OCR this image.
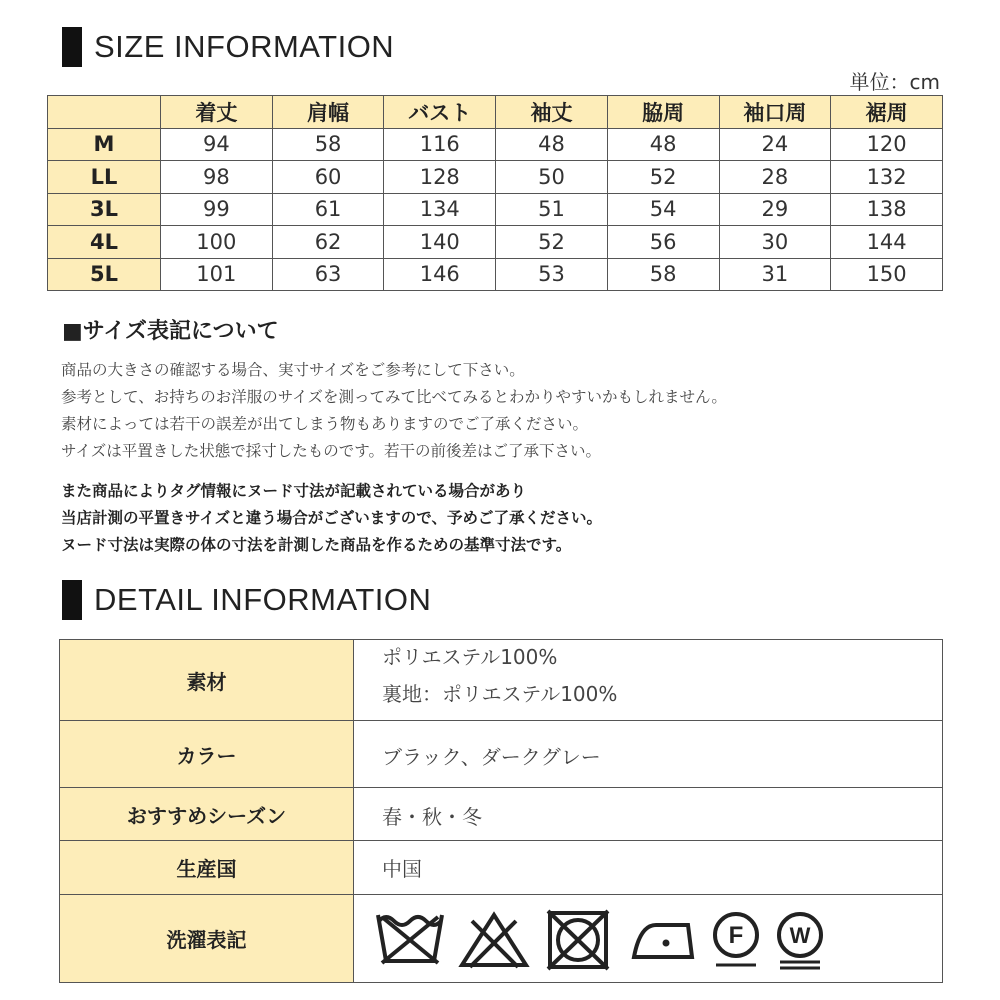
SIZE INFORMATION
単位：cm
	着丈	肩幅	バスト	袖丈	脇周	袖口周	裾周
M	94	58	116	48	48	24	120
LL	98	60	128	50	52	28	132
3L	99	61	134	51	54	29	138
4L	100	62	140	52	56	30	144
5L	101	63	146	53	58	31	150
■サイズ表記について
商品の大きさの確認する場合、実寸サイズをご参考にして下さい。
参考として、お持ちのお洋服のサイズを測ってみて比べてみるとわかりやすいかもしれません。
素材によっては若干の誤差が出てしまう物もありますのでご了承ください。
サイズは平置きした状態で採寸したものです。若干の前後差はご了承下さい。
また商品によりタグ情報にヌード寸法が記載されている場合があり
当店計測の平置きサイズと違う場合がございますので、予めご了承ください。
ヌード寸法は実際の体の寸法を計測した商品を作るための基準寸法です。
DETAIL INFORMATION
素材	ポリエステル100%
裏地：ポリエステル100%

カラー	ブラック、ダークグレー
おすすめシーズン	春・秋・冬
生産国	中国
洗濯表記	F W
